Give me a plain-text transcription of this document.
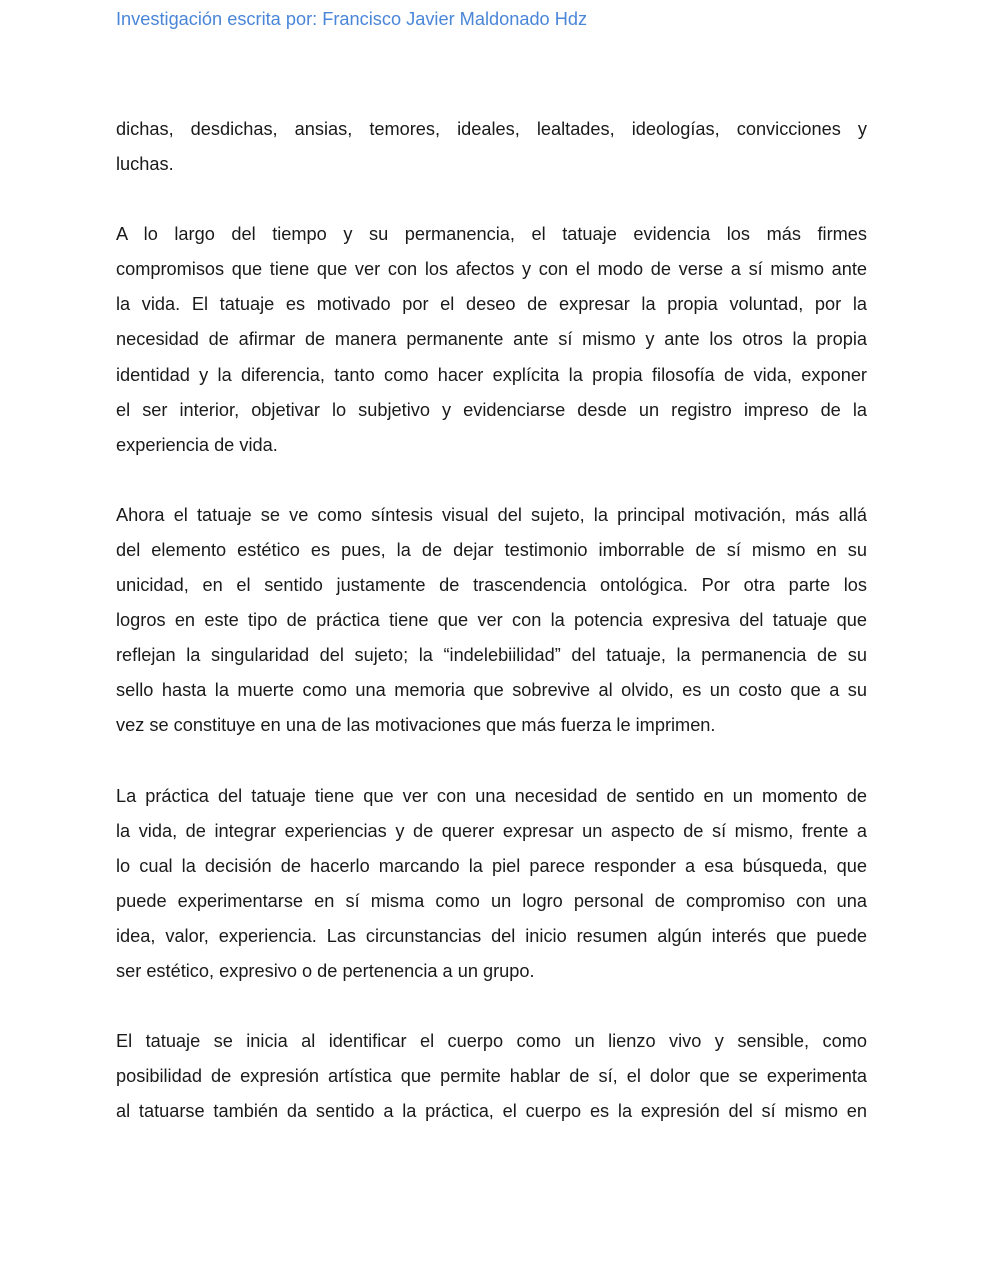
Investigación escrita por: Francisco Javier Maldonado Hdz

dichas, desdichas, ansias, temores, ideales, lealtades, ideologías, convicciones y
luchas.

A lo largo del tiempo y su permanencia, el tatuaje evidencia los más firmes
compromisos que tiene que ver con los afectos y con el modo de verse a sí mismo ante
la vida. El tatuaje es motivado por el deseo de expresar la propia voluntad, por la
necesidad de afirmar de manera permanente ante sí mismo y ante los otros la propia
identidad y la diferencia, tanto como hacer explícita la propia filosofía de vida, exponer
el ser interior, objetivar lo subjetivo y evidenciarse desde un registro impreso de la
experiencia de vida.

Ahora el tatuaje se ve como síntesis visual del sujeto, la principal motivación, más allá
del elemento estético es pues, la de dejar testimonio imborrable de sí mismo en su
unicidad, en el sentido justamente de trascendencia ontológica. Por otra parte los
logros en este tipo de práctica tiene que ver con la potencia expresiva del tatuaje que
reflejan la singularidad del sujeto; la “indelebiilidad” del tatuaje, la permanencia de su
sello hasta la muerte como una memoria que sobrevive al olvido, es un costo que a su
vez se constituye en una de las motivaciones que más fuerza le imprimen.

La práctica del tatuaje tiene que ver con una necesidad de sentido en un momento de
la vida, de integrar experiencias y de querer expresar un aspecto de sí mismo, frente a
lo cual la decisión de hacerlo marcando la piel parece responder a esa búsqueda, que
puede experimentarse en sí misma como un logro personal de compromiso con una
idea, valor, experiencia. Las circunstancias del inicio resumen algún interés que puede
ser estético, expresivo o de pertenencia a un grupo.

El tatuaje se inicia al identificar el cuerpo como un lienzo vivo y sensible, como
posibilidad de expresión artística que permite hablar de sí, el dolor que se experimenta
al tatuarse también da sentido a la práctica, el cuerpo es la expresión del sí mismo en
